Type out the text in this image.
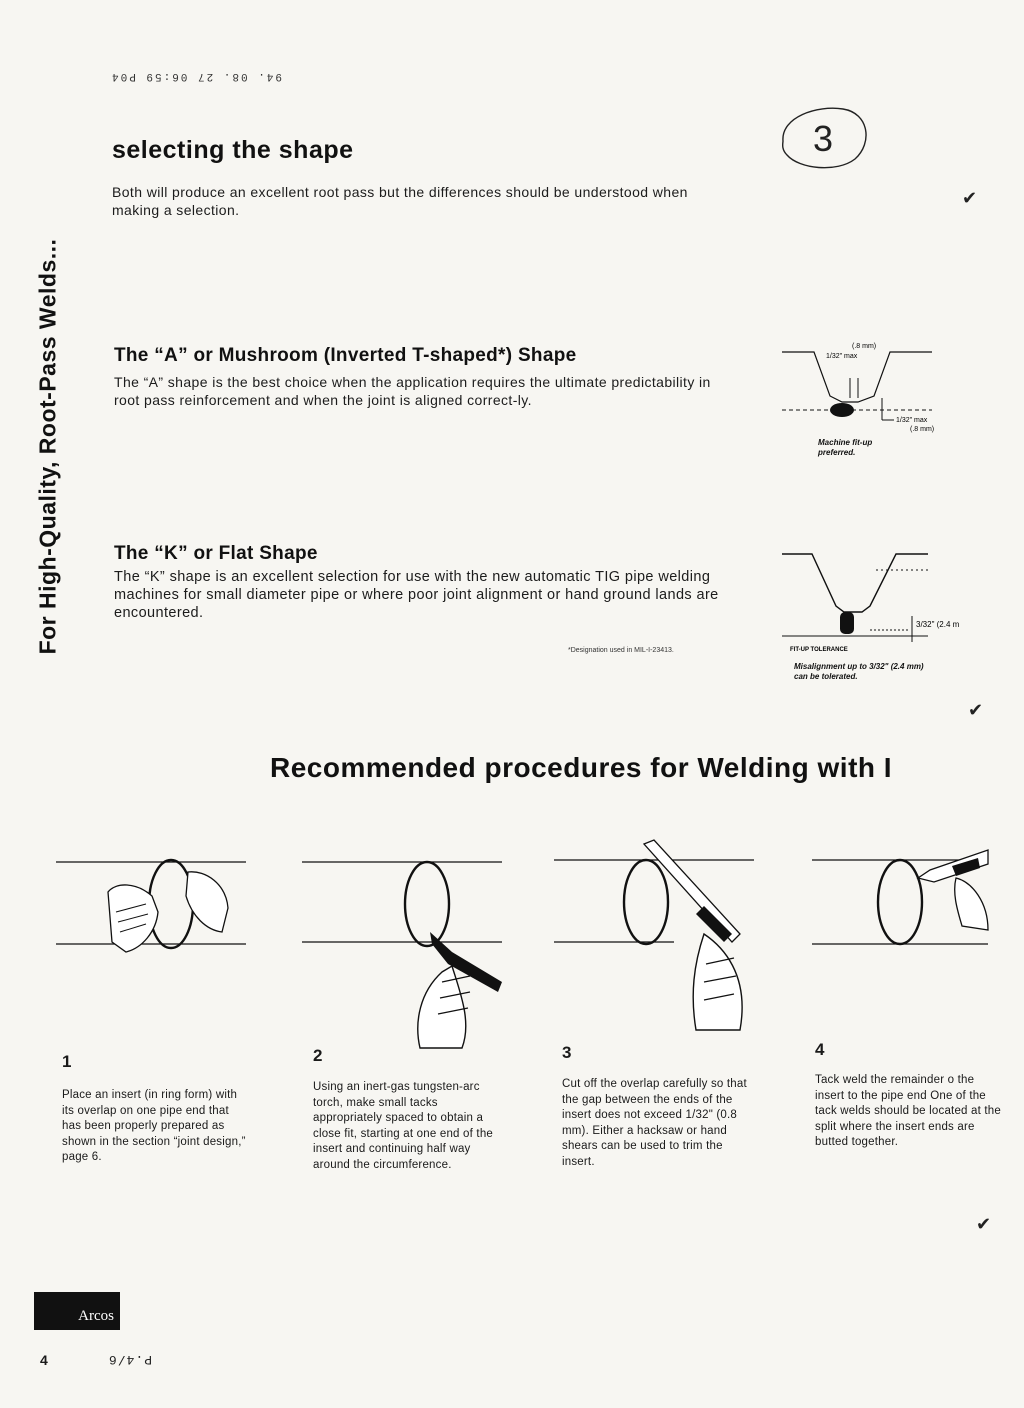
94. 08. 27 06:59 P04
For High-Quality, Root-Pass Welds...
3
selecting the shape
Both will produce an excellent root pass but the differences should be understood when making a selection.
The “A” or Mushroom (Inverted T-shaped*) Shape
The “A” shape is the best choice when the application requires the ultimate predictability in root pass reinforcement and when the joint is aligned correct-ly.
(.8 mm)
1/32" max
1/32" max
(.8 mm)
Machine fit-up preferred.
The “K” or Flat Shape
The “K” shape is an excellent selection for use with the new automatic TIG pipe welding machines for small diameter pipe or where poor joint alignment or hand ground lands are encountered.
*Designation used in MIL-I-23413.
3/32" (2.4 m
FIT-UP TOLERANCE
Misalignment up to 3/32" (2.4 mm) can be tolerated.
✔
✔
✔
Recommended procedures for Welding with I
1
Place an insert (in ring form) with its overlap on one pipe end that has been properly prepared as shown in the section “joint design,” page 6.
2
Using an inert-gas tungsten-arc torch, make small tacks appropriately spaced to obtain a close fit, starting at one end of the insert and continuing half way around the circumference.
3
Cut off the overlap carefully so that the gap between the ends of the insert does not exceed 1/32" (0.8 mm). Either a hacksaw or hand shears can be used to trim the insert.
4
Tack weld the remainder o the insert to the pipe end One of the tack welds should be located at the split where the insert ends are butted together.
Arcos
4	P.4/6
